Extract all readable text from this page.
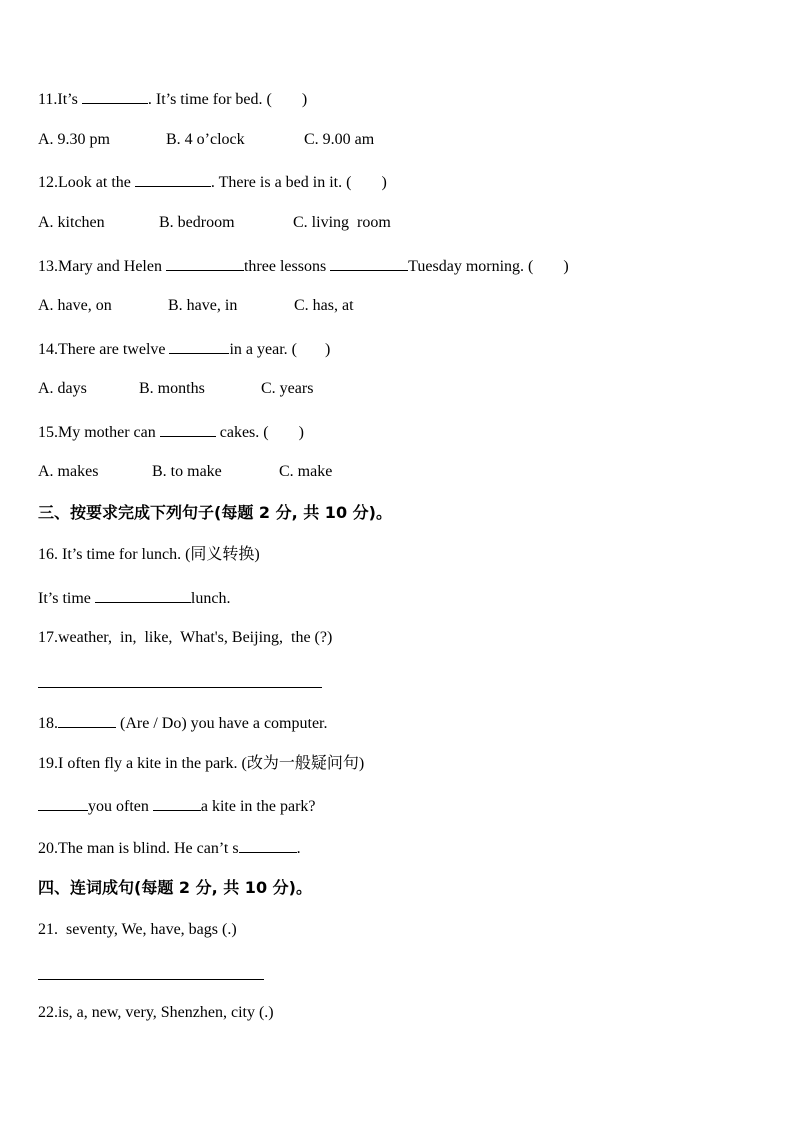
11.It’s	. It’s time for bed. ( )

A. 9.30 pm

	B. 4 o’clock

	C. 9.00 am

12.Look at the	. There is a bed in it. ( )

A. kitchen

	B. bedroom

	C. living  room

13.Mary and Helen	three lessons	Tuesday morning. ( )

A. have, on

	B. have, in

	C. has, at

14.There are twelve	in a year. ( )

A. days

	B. months

	C. years

15.My mother can	cakes. ( )

A. makes

	B. to make

	C. make

三、按要求完成下列句子(每题 2 分, 共 10 分)。
16. It’s time for lunch. (同义转换)
It’s time	lunch.
17.weather,  in,  like,  What's, Beijing,  the (?)
18.	(Are / Do) you have a computer.
19.I often fly a kite in the park. (改为一般疑问句)
you often	a kite in the park?
20.The man is blind. He can’t s	.
四、连词成句(每题 2 分, 共 10 分)。
21.  seventy, We, have, bags (.)
22.is, a, new, very, Shenzhen, city (.)
